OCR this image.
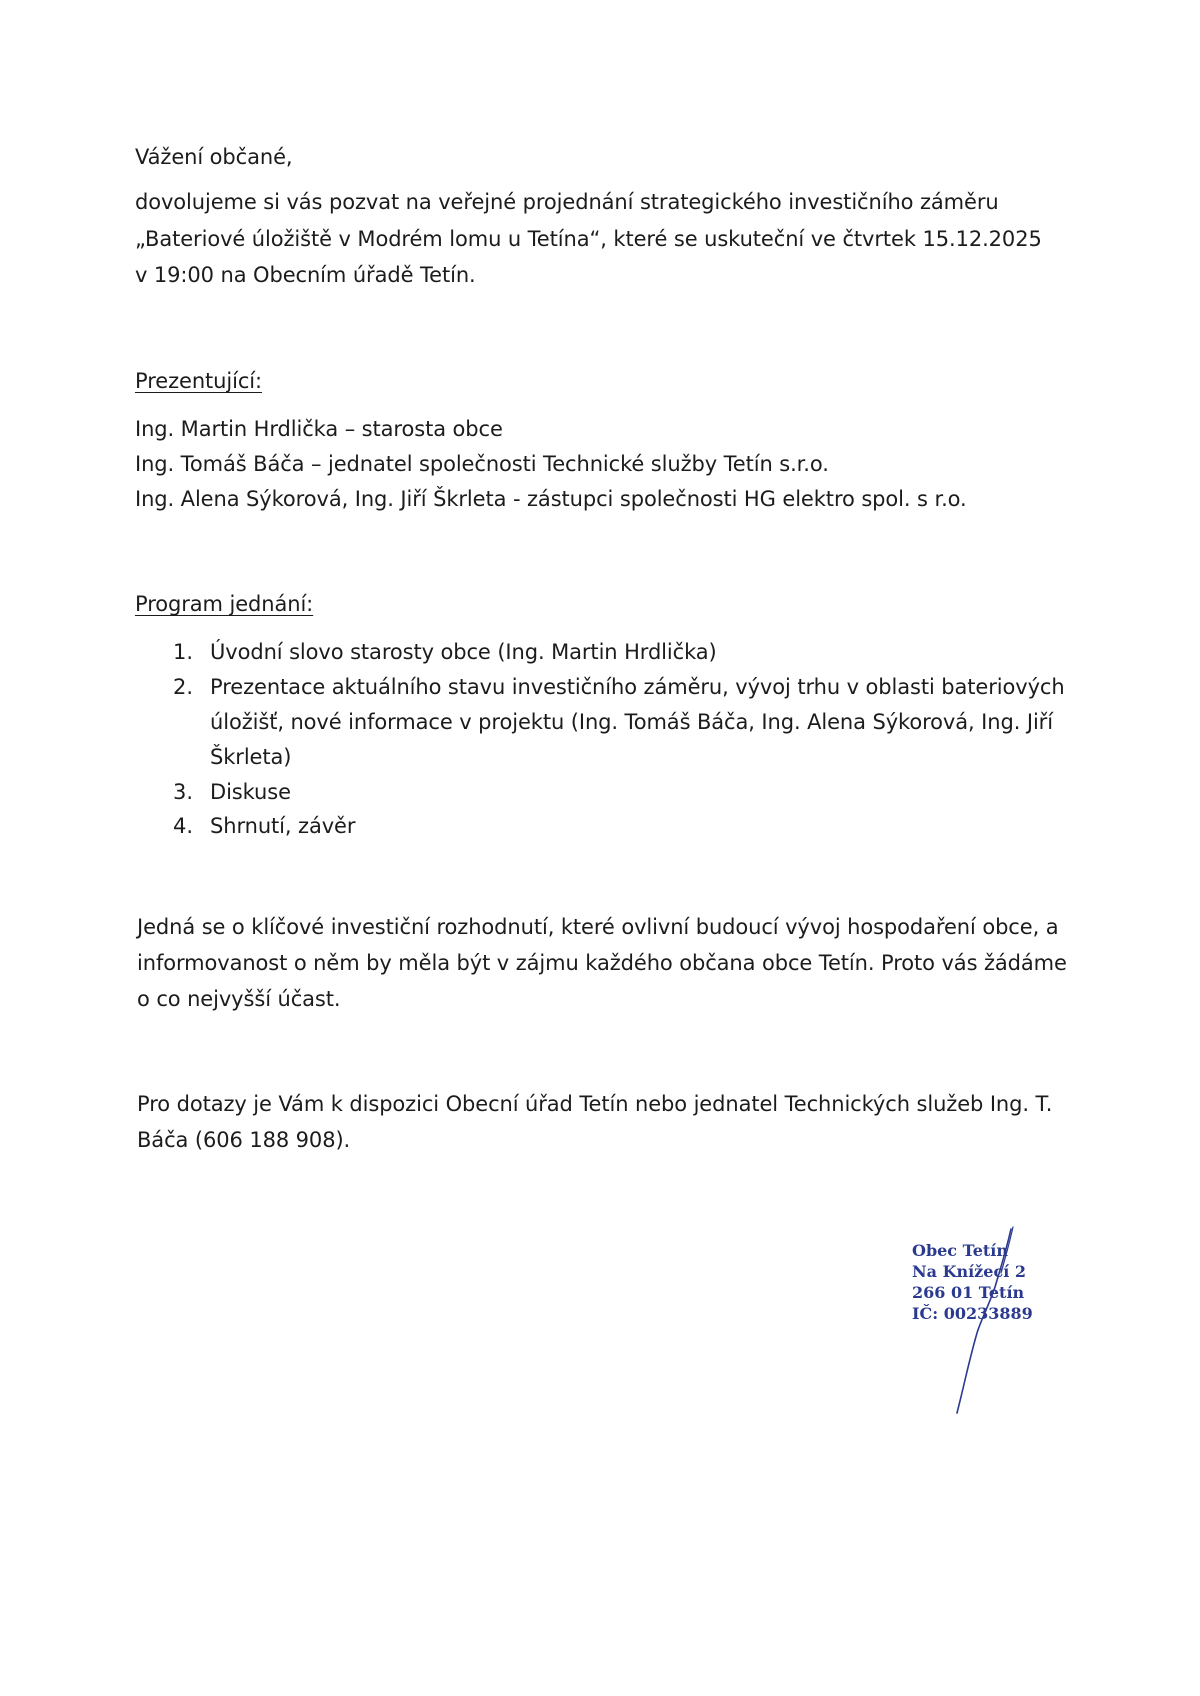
Vážení občané,
dovolujeme si vás pozvat na veřejné projednání strategického investičního záměru
„Bateriové úložiště v Modrém lomu u Tetína“, které se uskuteční ve čtvrtek 15.12.2025
v 19:00 na Obecním úřadě Tetín.
Prezentující:
Ing. Martin Hrdlička – starosta obce
Ing. Tomáš Báča – jednatel společnosti Technické služby Tetín s.r.o.
Ing. Alena Sýkorová, Ing. Jiří Škrleta - zástupci společnosti HG elektro spol. s r.o.
Program jednání:
1. Úvodní slovo starosty obce (Ing. Martin Hrdlička)
2. Prezentace aktuálního stavu investičního záměru, vývoj trhu v oblasti bateriových
úložišť, nové informace v projektu (Ing. Tomáš Báča, Ing. Alena Sýkorová, Ing. Jiří
Škrleta)
3. Diskuse
4. Shrnutí, závěr
Jedná se o klíčové investiční rozhodnutí, které ovlivní budoucí vývoj hospodaření obce, a
informovanost o něm by měla být v zájmu každého občana obce Tetín. Proto vás žádáme
o co nejvyšší účast.
Pro dotazy je Vám k dispozici Obecní úřad Tetín nebo jednatel Technických služeb Ing. T.
Báča (606 188 908).
Obec Tetín
Na Knížecí 2
266 01 Tetín
IČ: 00233889
